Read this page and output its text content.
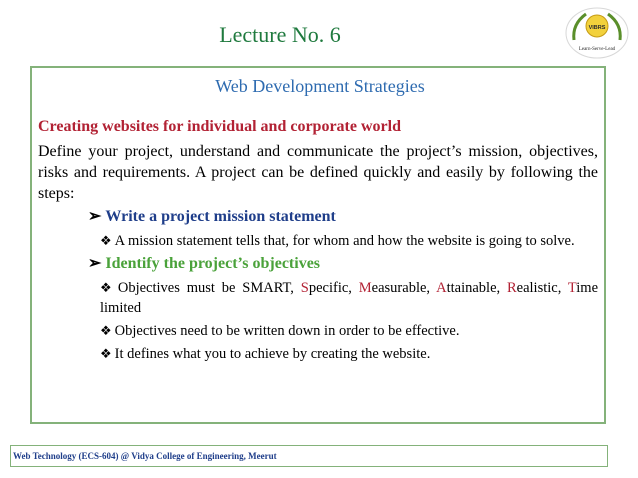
Lecture No. 6	VIBRS
Learn-Serve-Lead
Web Development Strategies
Creating websites for individual and corporate world
Define your project, understand and communicate the project’s mission, objectives, risks and requirements. A project can be defined quickly and easily by following the steps:
➢ Write a project mission statement
❖ A mission statement tells that, for whom and how the website is going to solve.
➢ Identify the project’s objectives
❖ Objectives must be SMART, Specific, Measurable, Attainable, Realistic, Time limited
❖ Objectives need to be written down in order to be effective.
❖ It defines what you to achieve by creating the website.
Web Technology (ECS-604) @ Vidya College of Engineering, Meerut
